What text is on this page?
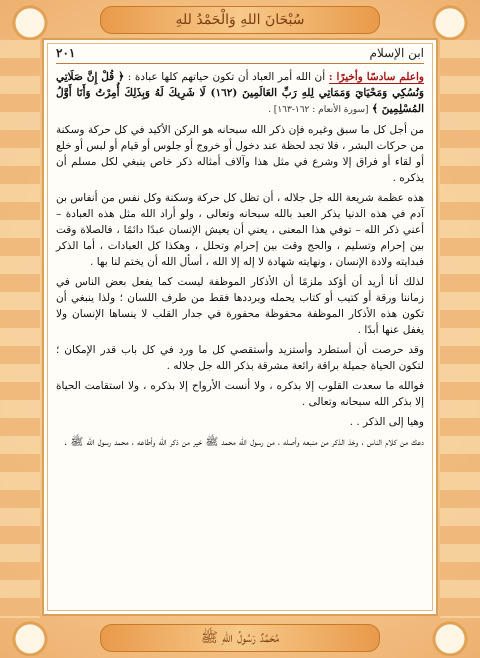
سُبْحَانَ اللهِ وَالْحَمْدُ للهِ
ابن الإسلام
٢٠١

واعلم سادسًا وأخيرًا : أن الله أمر العباد أن تكون حياتهم كلها عبادة : ﴿ قُلْ إِنَّ صَلَاتِي وَنُسُكِي وَمَحْيَايَ وَمَمَاتِي لِلهِ رَبِّ العَالَمِينَ (١٦٢) لَا شَرِيكَ لَهُ وَبِذَلِكَ أُمِرْتُ وَأَنَا أَوَّلُ المُسْلِمِينَ ﴾ [سورة الأنعام : ١٦٢-١٦٣] .

من أجل كل ما سبق وغيره فإن ذكر الله سبحانه هو الركن الأكيد في كل حركة وسكنة من حركات البشر ، فلا تجد لحظة عند دخول أو خروج أو جلوس أو قيام أو لبس أو خلع أو لقاء أو فراق إلا وشرع في مثل هذا وآلاف أمثاله ذكر خاص ينبغي لكل مسلم أن يذكره .

هذه عظمة شريعة الله جل جلاله ، أن تظل كل حركة وسكنة وكل نفس من أنفاس بن آدم في هذه الدنيا يذكر العبد بالله سبحانه وتعالى ، ولو أراد الله مثل هذه العبادة – أعني ذكر الله – توفي هذا المعنى ، يعني أن يعيش الإنسان عبدًا دائمًا ، فالصلاة وقت بين إحرام وتسليم ، والحج وقت بين إحرام وتحلل ، وهكذا كل العبادات ، أما الذكر فبدايته ولادة الإنسان ، ونهايته شهادة لا إله إلا الله ، أسأل الله أن يختم لنا بها .

لذلك أنا أريد أن أؤكد ملزمًا أن الأذكار الموظفة ليست كما يفعل بعض الناس في زماننا ورقة أو كتيب أو كتاب يحمله ويرددها فقط من طرف اللسان ؛ ولذا ينبغي أن تكون هذه الأذكار الموظفة محفوظة محفورة في جدار القلب لا ينساها الإنسان ولا يغفل عنها أبدًا .

وقد حرصت أن أستطرد وأستزيد وأستقصي كل ما ورد في كل باب قدر الإمكان ؛ لتكون الحياة جميلة براقة رائعة مشرقة بذكر الله جل جلاله .

فوالله ما سعدت القلوب إلا بذكره ، ولا أنست الأرواح إلا بذكره ، ولا استقامت الحياة إلا بذكر الله سبحانه وتعالى .

وهيا إلى الذكر . .

دعك من كلام الناس ، وخذ الذكر من منبعه وأصله ، من رسول الله محمد ﷺ خير من ذكر الله وأطاعه ، محمد رسول الله ﷺ .

مُحَمَّدٌ رَسُولُ اللهِ ﷺ
